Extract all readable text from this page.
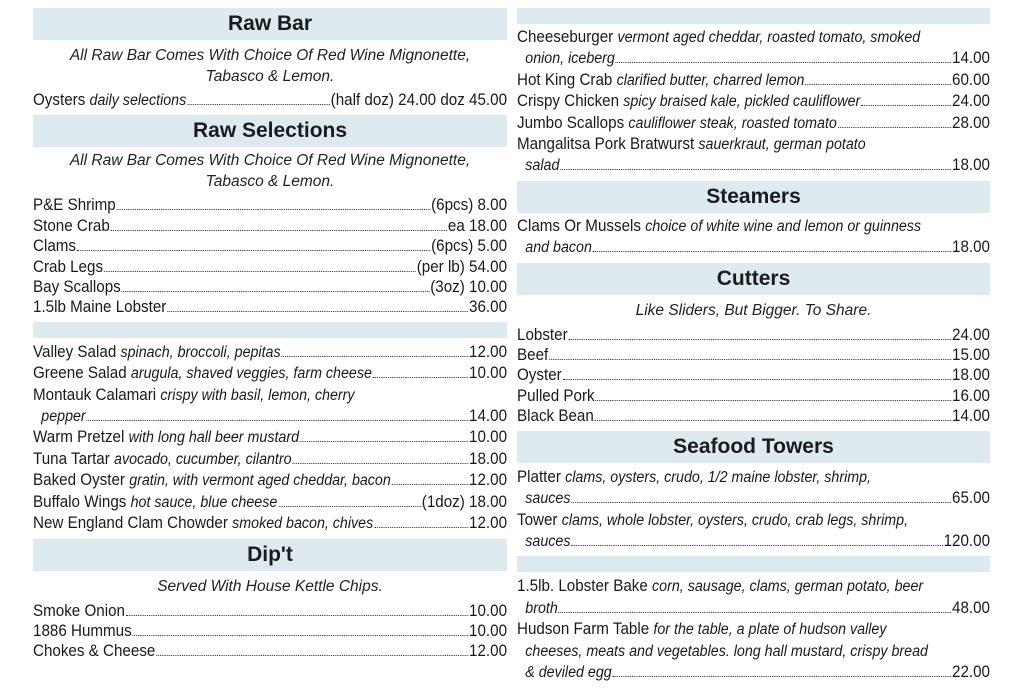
Raw Bar
All Raw Bar Comes With Choice Of Red Wine Mignonette,
Tabasco & Lemon.
Oysters
daily selections	(half doz) 24.00 doz 45.00
Raw Selections
All Raw Bar Comes With Choice Of Red Wine Mignonette,
Tabasco & Lemon.
P&E Shrimp	(6pcs) 8.00
Stone Crab	ea 18.00
Clams	(6pcs) 5.00
Crab Legs	(per lb) 54.00
Bay Scallops	(3oz) 10.00
1.5lb Maine Lobster	36.00
Valley Salad
spinach, broccoli, pepitas	12.00
Greene Salad
arugula, shaved veggies, farm cheese	10.00
Montauk Calamari crispy with basil, lemon, cherry
pepper	14.00
Warm Pretzel
with long hall beer mustard	10.00
Tuna Tartar
avocado, cucumber, cilantro	18.00
Baked Oyster
gratin, with vermont aged cheddar, bacon	12.00
Buffalo Wings
hot sauce, blue cheese	(1doz) 18.00
New England Clam Chowder
smoked bacon, chives	12.00
Dip't
Served With House Kettle Chips.
Smoke Onion	10.00
1886 Hummus	10.00
Chokes & Cheese	12.00
Cheeseburger vermont aged cheddar, roasted tomato, smoked
onion, iceberg	14.00
Hot King Crab
clarified butter, charred lemon	60.00
Crispy Chicken
spicy braised kale, pickled cauliflower	24.00
Jumbo Scallops
cauliflower steak, roasted tomato	28.00
Mangalitsa Pork Bratwurst sauerkraut, german potato
salad	18.00
Steamers
Clams Or Mussels choice of white wine and lemon or guinness
and bacon	18.00
Cutters
Like Sliders, But Bigger. To Share.
Lobster	24.00
Beef	15.00
Oyster	18.00
Pulled Pork	16.00
Black Bean	14.00
Seafood Towers
Platter clams, oysters, crudo, 1/2 maine lobster, shrimp,
sauces	65.00
Tower clams, whole lobster, oysters, crudo, crab legs, shrimp,
sauces	120.00
1.5lb. Lobster Bake corn, sausage, clams, german potato, beer
broth	48.00
Hudson Farm Table for the table, a plate of hudson valley
cheeses, meats and vegetables. long hall mustard, crispy bread
& deviled egg	22.00
